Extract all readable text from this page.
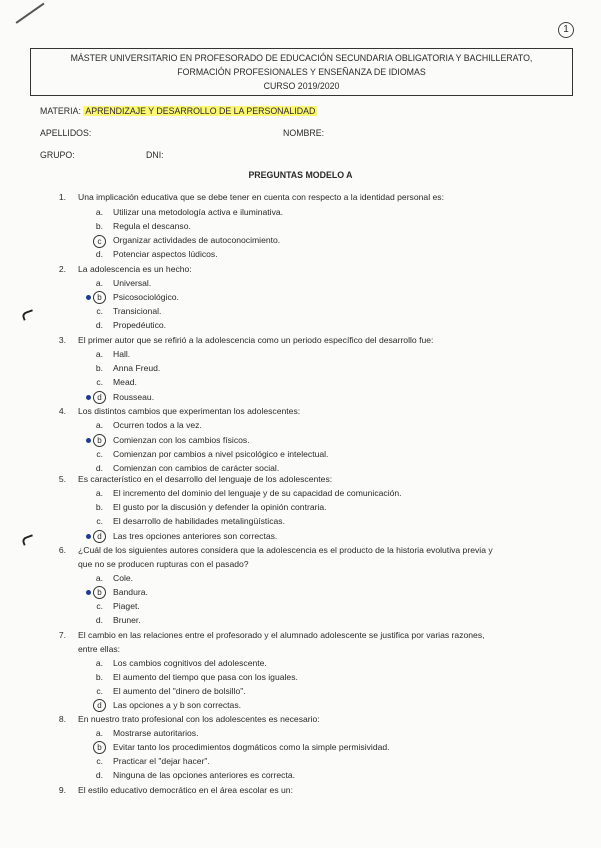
1
MÁSTER UNIVERSITARIO EN PROFESORADO DE EDUCACIÓN SECUNDARIA OBLIGATORIA Y BACHILLERATO,
FORMACIÓN PROFESIONALES Y ENSEÑANZA DE IDIOMAS
CURSO 2019/2020
MATERIA: APRENDIZAJE Y DESARROLLO DE LA PERSONALIDAD
APELLIDOS:	NOMBRE:
GRUPO:	DNI:
PREGUNTAS MODELO A
1. Una implicación educativa que se debe tener en cuenta con respecto a la identidad personal es:
a. Utilizar una metodología activa e iluminativa.
b. Regula el descanso.
c	Organizar actividades de autoconocimiento.
d. Potenciar aspectos lúdicos.
2. La adolescencia es un hecho:
a. Universal.
b	Psicosociológico.
c. Transicional.
d. Propedéutico.
3. El primer autor que se refirió a la adolescencia como un periodo específico del desarrollo fue:
a. Hall.
b. Anna Freud.
c. Mead.
d	Rousseau.
4. Los distintos cambios que experimentan los adolescentes:
a. Ocurren todos a la vez.
b	Comienzan con los cambios físicos.
c. Comienzan por cambios a nivel psicológico e intelectual.
d. Comienzan con cambios de carácter social.
5. Es característico en el desarrollo del lenguaje de los adolescentes:
a. El incremento del dominio del lenguaje y de su capacidad de comunicación.
b. El gusto por la discusión y defender la opinión contraria.
c. El desarrollo de habilidades metalingüísticas.
d	Las tres opciones anteriores son correctas.
6. ¿Cuál de los siguientes autores considera que la adolescencia es el producto de la historia evolutiva previa y
que no se producen rupturas con el pasado?
a. Cole.
b	Bandura.
c. Piaget.
d. Bruner.
7. El cambio en las relaciones entre el profesorado y el alumnado adolescente se justifica por varias razones,
entre ellas:
a. Los cambios cognitivos del adolescente.
b. El aumento del tiempo que pasa con los iguales.
c. El aumento del "dinero de bolsillo".
d	Las opciones a y b son correctas.
8. En nuestro trato profesional con los adolescentes es necesario:
a. Mostrarse autoritarios.
b	Evitar tanto los procedimientos dogmáticos como la simple permisividad.
c. Practicar el "dejar hacer".
d. Ninguna de las opciones anteriores es correcta.
9. El estilo educativo democrático en el área escolar es un:
